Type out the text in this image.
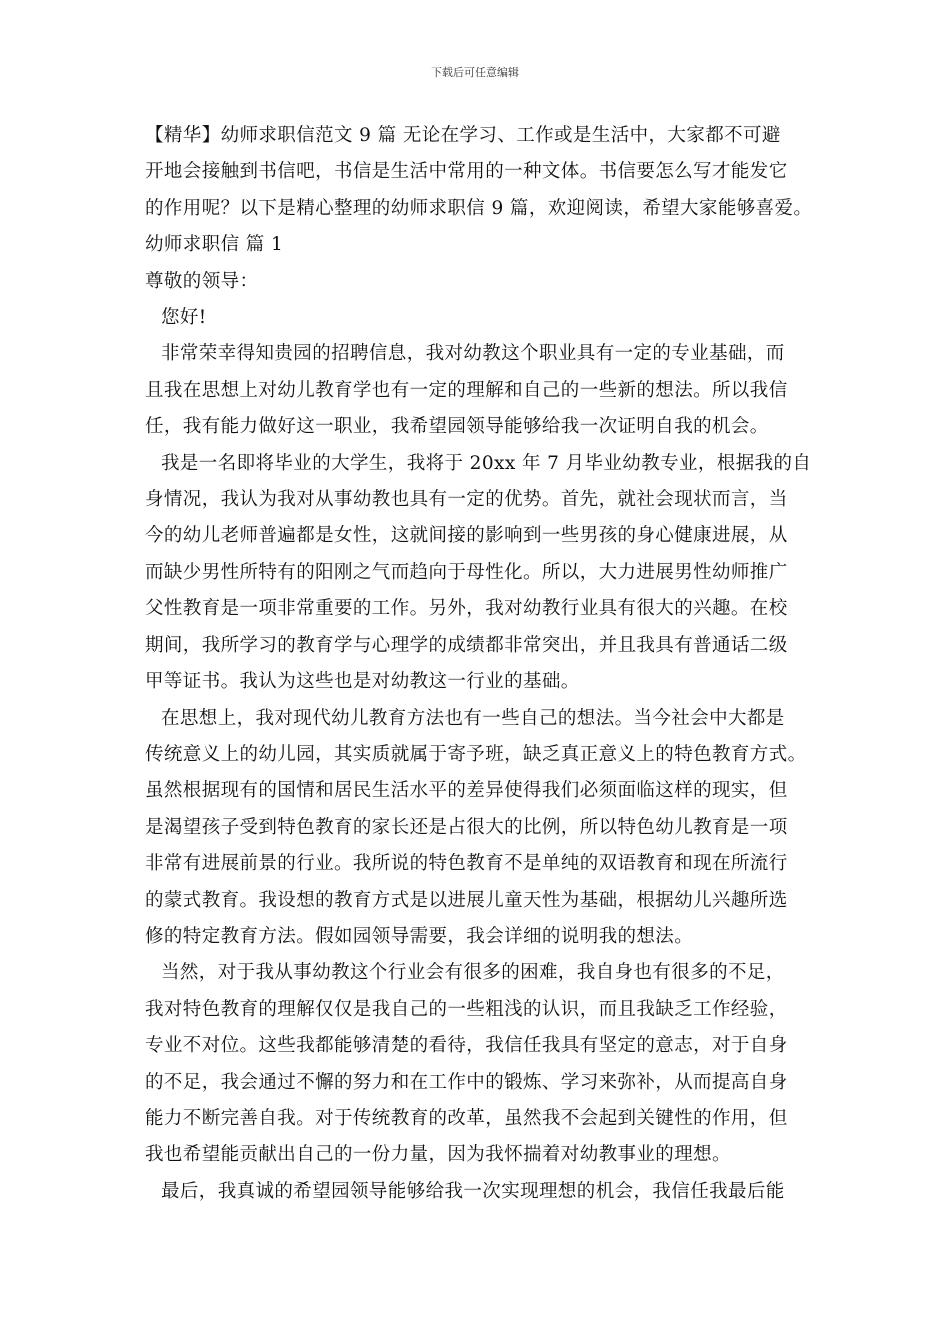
下载后可任意编辑
【精华】幼师求职信范文 9 篇 无论在学习、工作或是生活中，大家都不可避
开地会接触到书信吧，书信是生活中常用的一种文体。书信要怎么写才能发它
的作用呢？以下是精心整理的幼师求职信 9 篇，欢迎阅读，希望大家能够喜爱。
幼师求职信 篇 1
尊敬的领导：
您好!
非常荣幸得知贵园的招聘信息，我对幼教这个职业具有一定的专业基础，而
且我在思想上对幼儿教育学也有一定的理解和自己的一些新的想法。所以我信
任，我有能力做好这一职业，我希望园领导能够给我一次证明自我的机会。
我是一名即将毕业的大学生，我将于 20xx 年 7 月毕业幼教专业，根据我的自
身情况，我认为我对从事幼教也具有一定的优势。首先，就社会现状而言，当
今的幼儿老师普遍都是女性，这就间接的影响到一些男孩的身心健康进展，从
而缺少男性所特有的阳刚之气而趋向于母性化。所以，大力进展男性幼师推广
父性教育是一项非常重要的工作。另外，我对幼教行业具有很大的兴趣。在校
期间，我所学习的教育学与心理学的成绩都非常突出，并且我具有普通话二级
甲等证书。我认为这些也是对幼教这一行业的基础。
在思想上，我对现代幼儿教育方法也有一些自己的想法。当今社会中大都是
传统意义上的幼儿园，其实质就属于寄予班，缺乏真正意义上的特色教育方式。
虽然根据现有的国情和居民生活水平的差异使得我们必须面临这样的现实，但
是渴望孩子受到特色教育的家长还是占很大的比例，所以特色幼儿教育是一项
非常有进展前景的行业。我所说的特色教育不是单纯的双语教育和现在所流行
的蒙式教育。我设想的教育方式是以进展儿童天性为基础，根据幼儿兴趣所选
修的特定教育方法。假如园领导需要，我会详细的说明我的想法。
当然，对于我从事幼教这个行业会有很多的困难，我自身也有很多的不足，
我对特色教育的理解仅仅是我自己的一些粗浅的认识，而且我缺乏工作经验，
专业不对位。这些我都能够清楚的看待，我信任我具有坚定的意志，对于自身
的不足，我会通过不懈的努力和在工作中的锻炼、学习来弥补，从而提高自身
能力不断完善自我。对于传统教育的改革，虽然我不会起到关键性的作用，但
我也希望能贡献出自己的一份力量，因为我怀揣着对幼教事业的理想。
最后，我真诚的希望园领导能够给我一次实现理想的机会，我信任我最后能
